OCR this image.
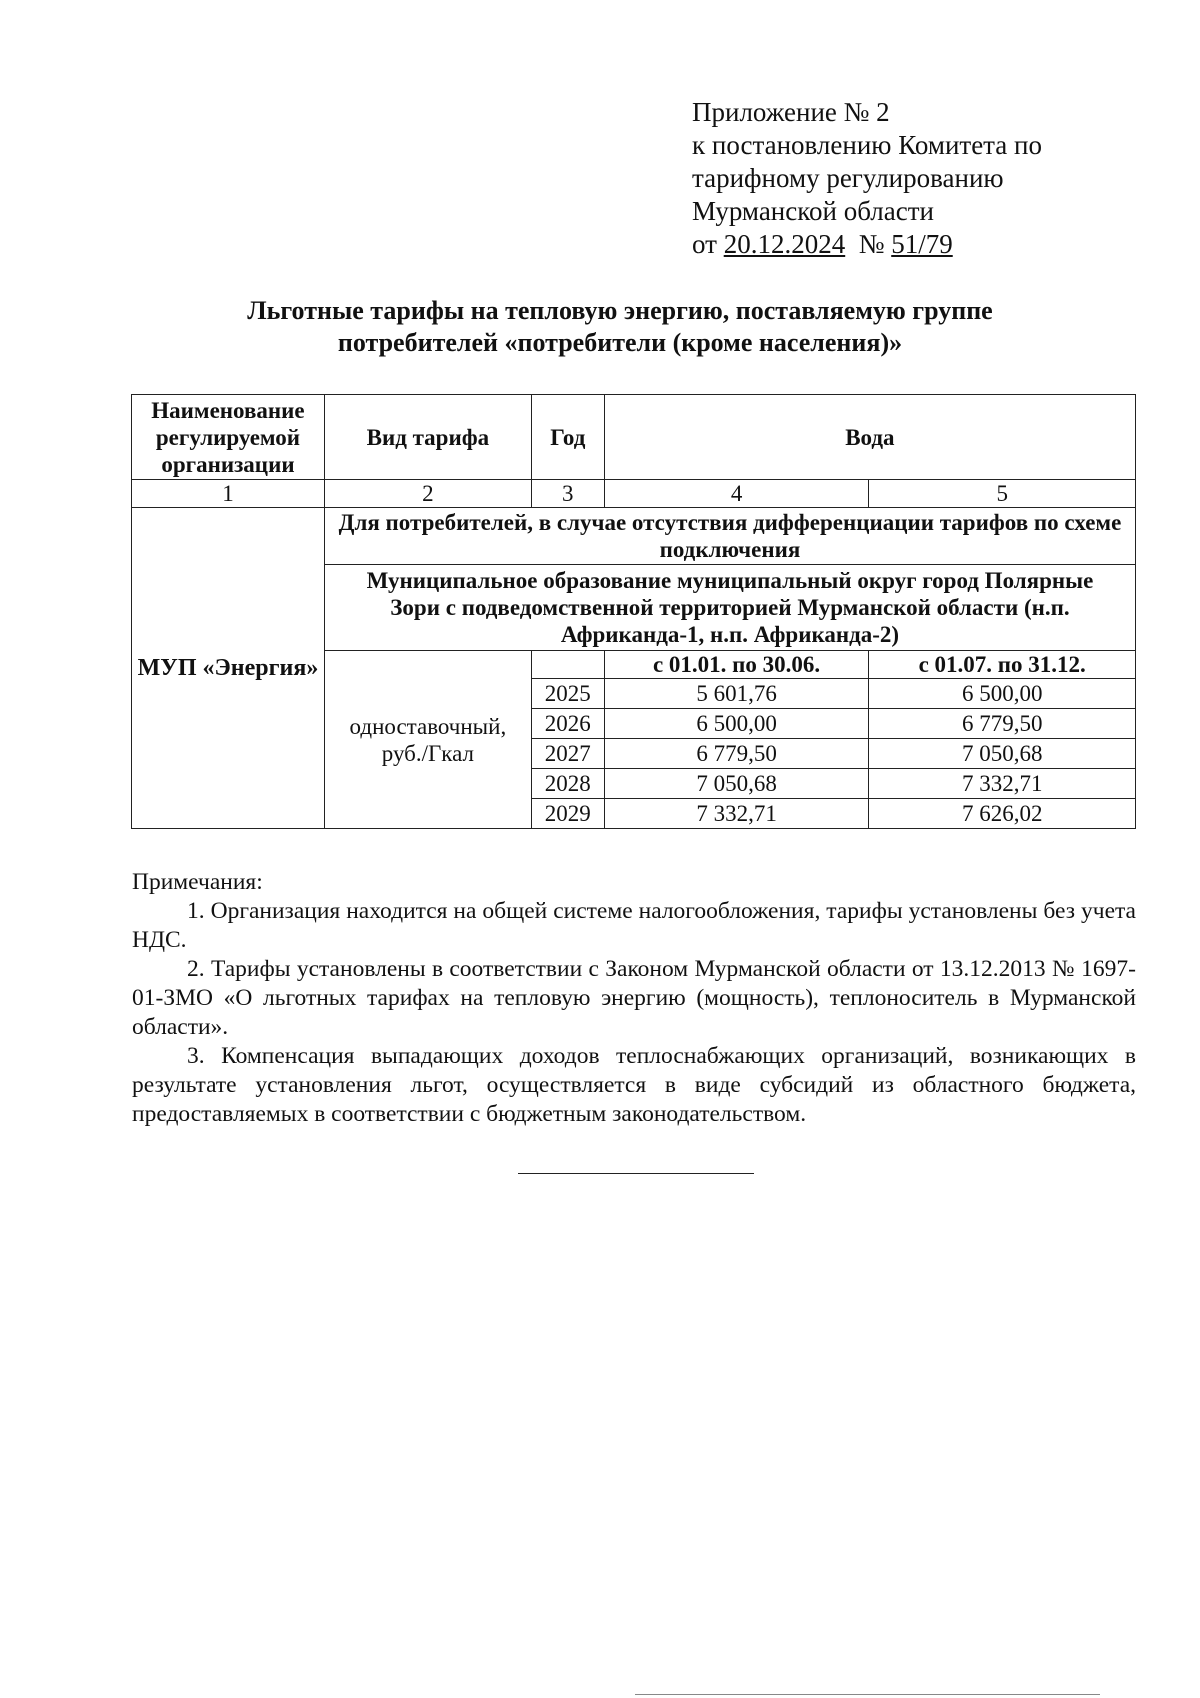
Приложение № 2
к постановлению Комитета по
тарифному регулированию
Мурманской области
от 20.12.2024 № 51/79
Льготные тарифы на тепловую энергию, поставляемую группе
потребителей «потребители (кроме населения)»
Наименование регулируемой организации	Вид тарифа	Год	Вода	
1	2	3	4	5
МУП «Энергия»	Для потребителей, в случае отсутствия дифференциации тарифов по схеме подключения			
	Муниципальное образование муниципальный округ город Полярные Зори с подведомственной территорией Мурманской области (н.п. Африканда-1, н.п. Африканда-2)			
	одноставочный, руб./Гкал		с 01.01. по 30.06.	с 01.07. по 31.12.
		2025	5 601,76	6 500,00
		2026	6 500,00	6 779,50
		2027	6 779,50	7 050,68
		2028	7 050,68	7 332,71
		2029	7 332,71	7 626,02

Примечания:

1. Организация находится на общей системе налогообложения, тарифы установлены без учета НДС.

2. Тарифы установлены в соответствии с Законом Мурманской области от 13.12.2013 № 1697-01-ЗМО «О льготных тарифах на тепловую энергию (мощность), теплоноситель в Мурманской области».

3. Компенсация выпадающих доходов теплоснабжающих организаций, возникающих в результате установления льгот, осуществляется в виде субсидий из областного бюджета, предоставляемых в соответствии с бюджетным законодательством.
